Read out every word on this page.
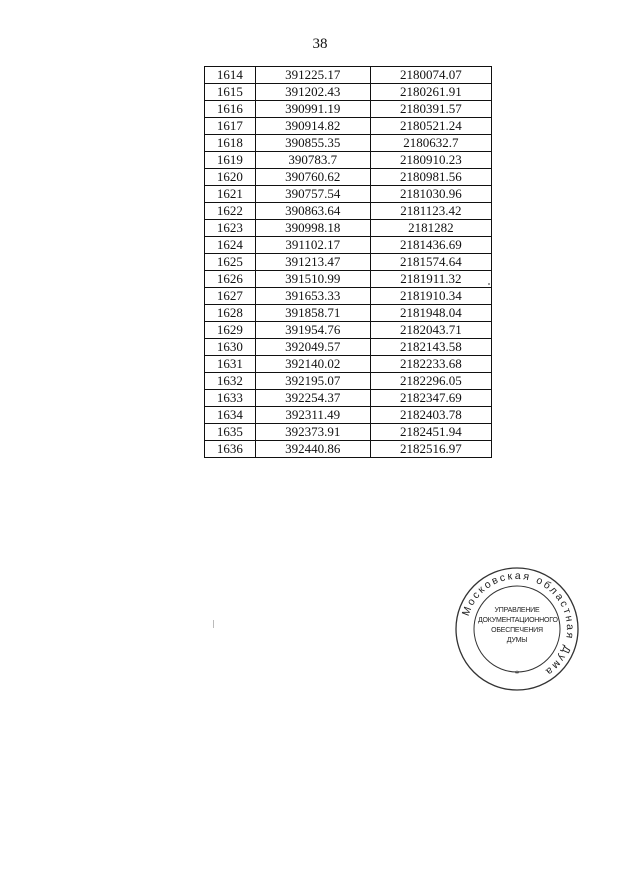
38
1614	391225.17	2180074.07
1615	391202.43	2180261.91
1616	390991.19	2180391.57
1617	390914.82	2180521.24
1618	390855.35	2180632.7
1619	390783.7	2180910.23
1620	390760.62	2180981.56
1621	390757.54	2181030.96
1622	390863.64	2181123.42
1623	390998.18	2181282
1624	391102.17	2181436.69
1625	391213.47	2181574.64
1626	391510.99	2181911.32
1627	391653.33	2181910.34
1628	391858.71	2181948.04
1629	391954.76	2182043.71
1630	392049.57	2182143.58
1631	392140.02	2182233.68
1632	392195.07	2182296.05
1633	392254.37	2182347.69
1634	392311.49	2182403.78
1635	392373.91	2182451.94
1636	392440.86	2182516.97
Московская областная Дума
УПРАВЛЕНИЕ
ДОКУМЕНТАЦИОННОГО
ОБЕСПЕЧЕНИЯ
ДУМЫ
*
